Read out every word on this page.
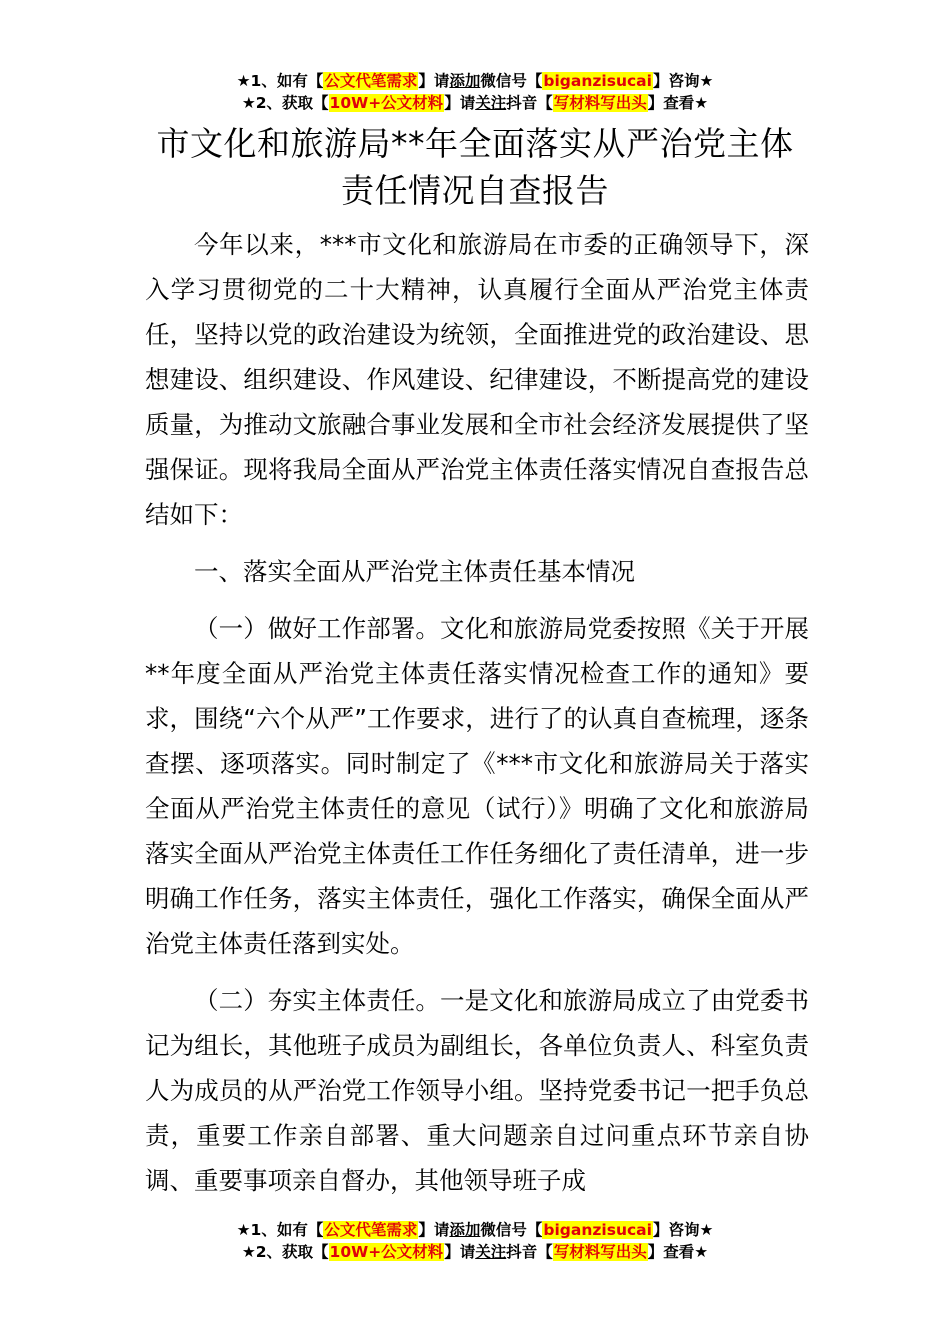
★1、如有【公文代笔需求】请添加微信号【biganzisucai】咨询★
★2、获取【10W+公文材料】请关注抖音【写材料写出头】查看★
市文化和旅游局**年全面落实从严治党主体
责任情况自查报告

今年以来，***市文化和旅游局在市委的正确领导下，深入学习贯彻党的二十大精神，认真履行全面从严治党主体责任，坚持以党的政治建设为统领，全面推进党的政治建设、思想建设、组织建设、作风建设、纪律建设，不断提高党的建设质量，为推动文旅融合事业发展和全市社会经济发展提供了坚强保证。现将我局全面从严治党主体责任落实情况自查报告总结如下：

一、落实全面从严治党主体责任基本情况

（一）做好工作部署。文化和旅游局党委按照《关于开展**年度全面从严治党主体责任落实情况检查工作的通知》要求，围绕“六个从严”工作要求，进行了的认真自查梳理，逐条查摆、逐项落实。同时制定了《***市文化和旅游局关于落实全面从严治党主体责任的意见（试行）》明确了文化和旅游局落实全面从严治党主体责任工作任务细化了责任清单，进一步明确工作任务，落实主体责任，强化工作落实，确保全面从严治党主体责任落到实处。

（二）夯实主体责任。一是文化和旅游局成立了由党委书记为组长，其他班子成员为副组长，各单位负责人、科室负责人为成员的从严治党工作领导小组。坚持党委书记一把手负总责，重要工作亲自部署、重大问题亲自过问重点环节亲自协调、重要事项亲自督办，其他领导班子成

★1、如有【公文代笔需求】请添加微信号【biganzisucai】咨询★
★2、获取【10W+公文材料】请关注抖音【写材料写出头】查看★
